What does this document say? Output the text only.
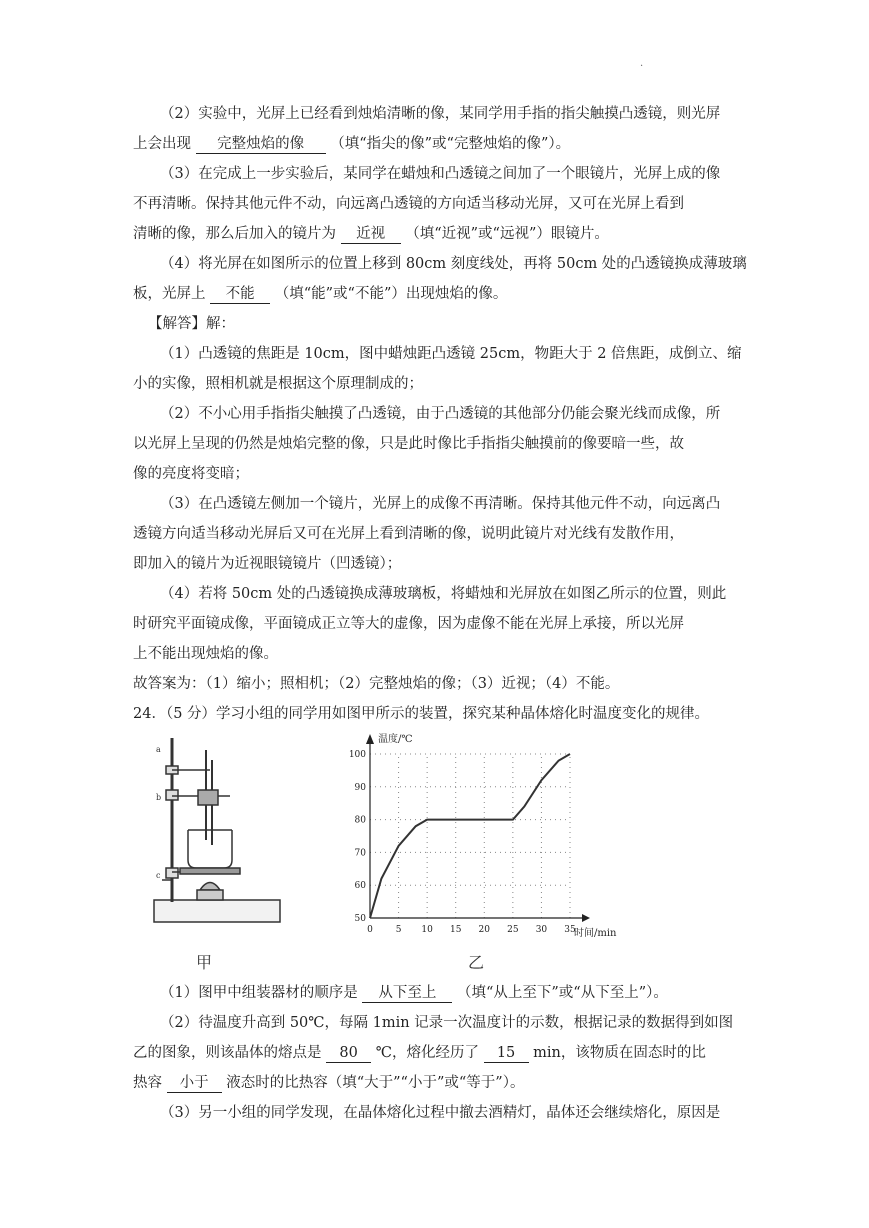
.
（2）实验中，光屏上已经看到烛焰清晰的像，某同学用手指的指尖触摸凸透镜，则光屏
上会出现 完整烛焰的像 （填“指尖的像”或“完整烛焰的像”）。
（3）在完成上一步实验后，某同学在蜡烛和凸透镜之间加了一个眼镜片，光屏上成的像
不再清晰。保持其他元件不动，向远离凸透镜的方向适当移动光屏，又可在光屏上看到
清晰的像，那么后加入的镜片为 近视 （填“近视”或“远视”）眼镜片。
（4）将光屏在如图所示的位置上移到 80cm 刻度线处，再将 50cm 处的凸透镜换成薄玻璃
板，光屏上 不能 （填“能”或“不能”）出现烛焰的像。
【解答】解：
（1）凸透镜的焦距是 10cm，图中蜡烛距凸透镜 25cm，物距大于 2 倍焦距，成倒立、缩
小的实像，照相机就是根据这个原理制成的；
（2）不小心用手指指尖触摸了凸透镜，由于凸透镜的其他部分仍能会聚光线而成像，所
以光屏上呈现的仍然是烛焰完整的像，只是此时像比手指指尖触摸前的像要暗一些，故
像的亮度将变暗；
（3）在凸透镜左侧加一个镜片，光屏上的成像不再清晰。保持其他元件不动，向远离凸
透镜方向适当移动光屏后又可在光屏上看到清晰的像，说明此镜片对光线有发散作用，
即加入的镜片为近视眼镜镜片（凹透镜）；
（4）若将 50cm 处的凸透镜换成薄玻璃板，将蜡烛和光屏放在如图乙所示的位置，则此
时研究平面镜成像，平面镜成正立等大的虚像，因为虚像不能在光屏上承接，所以光屏
上不能出现烛焰的像。
故答案为：（1）缩小；照相机；（2）完整烛焰的像；（3）近视；（4）不能。
24．（5 分）学习小组的同学用如图甲所示的装置，探究某种晶体熔化时温度变化的规律。
a
b
c
甲
温度/℃
时间/min
0	5 10 15 20 25 30 35
50
60
70
80
90
100
乙
（1）图甲中组装器材的顺序是 从下至上 （填“从上至下”或“从下至上”）。
（2）待温度升高到 50℃，每隔 1min 记录一次温度计的示数，根据记录的数据得到如图
乙的图象，则该晶体的熔点是 80 ℃，熔化经历了 15 min，该物质在固态时的比
热容 小于 液态时的比热容（填“大于”“小于”或“等于”）。
（3）另一小组的同学发现，在晶体熔化过程中撤去酒精灯，晶体还会继续熔化，原因是
